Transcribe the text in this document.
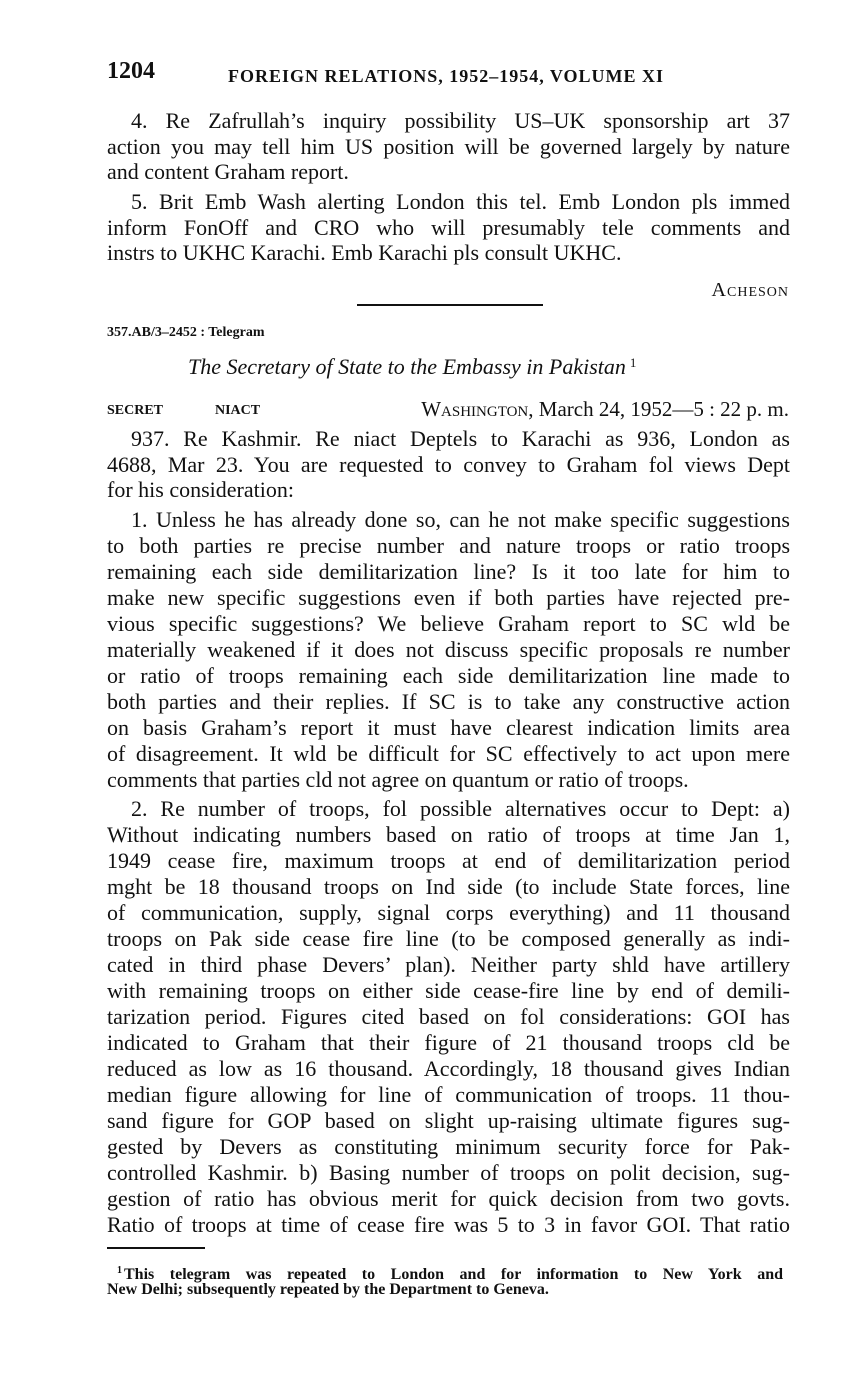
1204	FOREIGN RELATIONS, 1952–1954, VOLUME XI
4. Re Zafrullah’s inquiry possibility US–UK sponsorship art 37
action you may tell him US position will be governed largely by nature
and content Graham report.
5. Brit Emb Wash alerting London this tel. Emb London pls immed
inform FonOff and CRO who will presumably tele comments and
instrs to UKHC Karachi. Emb Karachi pls consult UKHC.
Acheson
357.AB/3–2452 : Telegram
The Secretary of State to the Embassy in Pakistan $^1$
SECRET	NIACT	Washington, March 24, 1952—5 : 22 p. m.
937. Re Kashmir. Re niact Deptels to Karachi as 936, London as
4688, Mar 23. You are requested to convey to Graham fol views Dept
for his consideration:
1. Unless he has already done so, can he not make specific suggestions
to both parties re precise number and nature troops or ratio troops
remaining each side demilitarization line? Is it too late for him to
make new specific suggestions even if both parties have rejected pre-
vious specific suggestions? We believe Graham report to SC wld be
materially weakened if it does not discuss specific proposals re number
or ratio of troops remaining each side demilitarization line made to
both parties and their replies. If SC is to take any constructive action
on basis Graham’s report it must have clearest indication limits area
of disagreement. It wld be difficult for SC effectively to act upon mere
comments that parties cld not agree on quantum or ratio of troops.
2. Re number of troops, fol possible alternatives occur to Dept: a)
Without indicating numbers based on ratio of troops at time Jan 1,
1949 cease fire, maximum troops at end of demilitarization period
mght be 18 thousand troops on Ind side (to include State forces, line
of communication, supply, signal corps everything) and 11 thousand
troops on Pak side cease fire line (to be composed generally as indi-
cated in third phase Devers’ plan). Neither party shld have artillery
with remaining troops on either side cease-fire line by end of demili-
tarization period. Figures cited based on fol considerations: GOI has
indicated to Graham that their figure of 21 thousand troops cld be
reduced as low as 16 thousand. Accordingly, 18 thousand gives Indian
median figure allowing for line of communication of troops. 11 thou-
sand figure for GOP based on slight up-raising ultimate figures sug-
gested by Devers as constituting minimum security force for Pak-
controlled Kashmir. b) Basing number of troops on polit decision, sug-
gestion of ratio has obvious merit for quick decision from two govts.
Ratio of troops at time of cease fire was 5 to 3 in favor GOI. That ratio
$^1$ This telegram was repeated to London and for information to New York and
New Delhi; subsequently repeated by the Department to Geneva.
